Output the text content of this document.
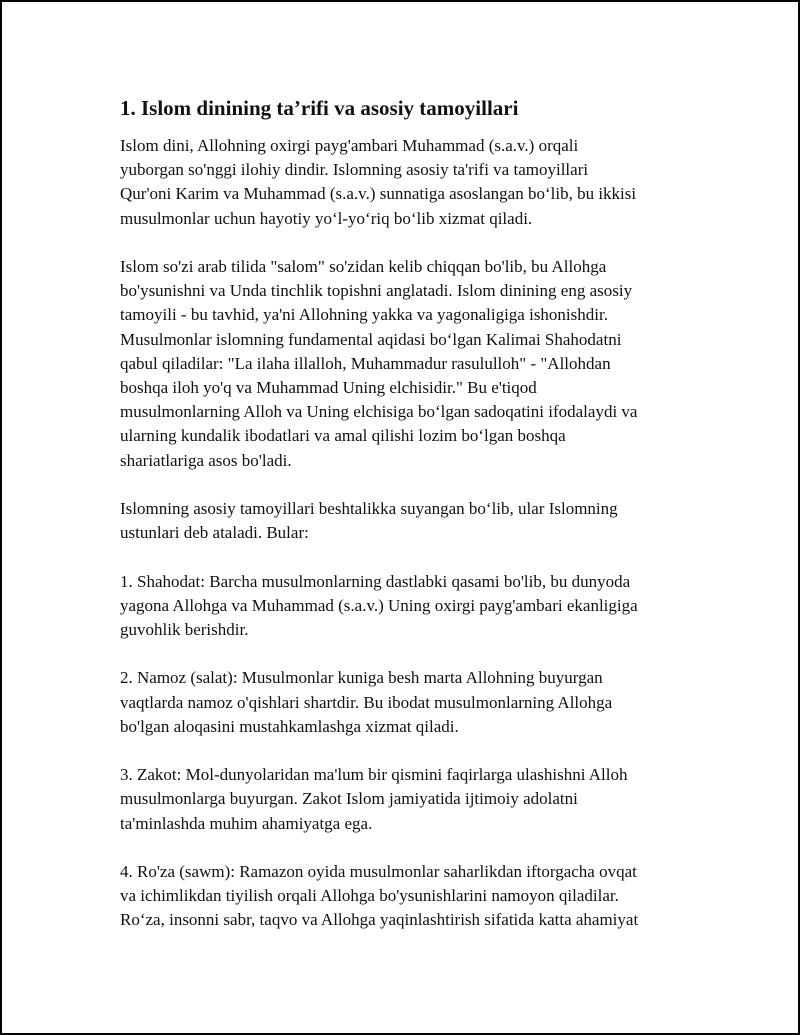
1. Islom dinining ta’rifi va asosiy tamoyillari
Islom dini, Allohning oxirgi payg'ambari Muhammad (s.a.v.) orqali
yuborgan so'nggi ilohiy dindir. Islomning asosiy ta'rifi va tamoyillari
Qur'oni Karim va Muhammad (s.a.v.) sunnatiga asoslangan bo‘lib, bu ikkisi
musulmonlar uchun hayotiy yo‘l-yo‘riq bo‘lib xizmat qiladi.
Islom so'zi arab tilida "salom" so'zidan kelib chiqqan bo'lib, bu Allohga
bo'ysunishni va Unda tinchlik topishni anglatadi. Islom dinining eng asosiy
tamoyili - bu tavhid, ya'ni Allohning yakka va yagonaligiga ishonishdir.
Musulmonlar islomning fundamental aqidasi bo‘lgan Kalimai Shahodatni
qabul qiladilar: "La ilaha illalloh, Muhammadur rasululloh" - "Allohdan
boshqa iloh yo'q va Muhammad Uning elchisidir." Bu e'tiqod
musulmonlarning Alloh va Uning elchisiga bo‘lgan sadoqatini ifodalaydi va
ularning kundalik ibodatlari va amal qilishi lozim bo‘lgan boshqa
shariatlariga asos bo'ladi.
Islomning asosiy tamoyillari beshtalikka suyangan bo‘lib, ular Islomning
ustunlari deb ataladi. Bular:
1. Shahodat: Barcha musulmonlarning dastlabki qasami bo'lib, bu dunyoda
yagona Allohga va Muhammad (s.a.v.) Uning oxirgi payg'ambari ekanligiga
guvohlik berishdir.
2. Namoz (salat): Musulmonlar kuniga besh marta Allohning buyurgan
vaqtlarda namoz o'qishlari shartdir. Bu ibodat musulmonlarning Allohga
bo'lgan aloqasini mustahkamlashga xizmat qiladi.
3. Zakot: Mol-dunyolaridan ma'lum bir qismini faqirlarga ulashishni Alloh
musulmonlarga buyurgan. Zakot Islom jamiyatida ijtimoiy adolatni
ta'minlashda muhim ahamiyatga ega.
4. Ro'za (sawm): Ramazon oyida musulmonlar saharlikdan iftorgacha ovqat
va ichimlikdan tiyilish orqali Allohga bo'ysunishlarini namoyon qiladilar.
Ro‘za, insonni sabr, taqvo va Allohga yaqinlashtirish sifatida katta ahamiyat
